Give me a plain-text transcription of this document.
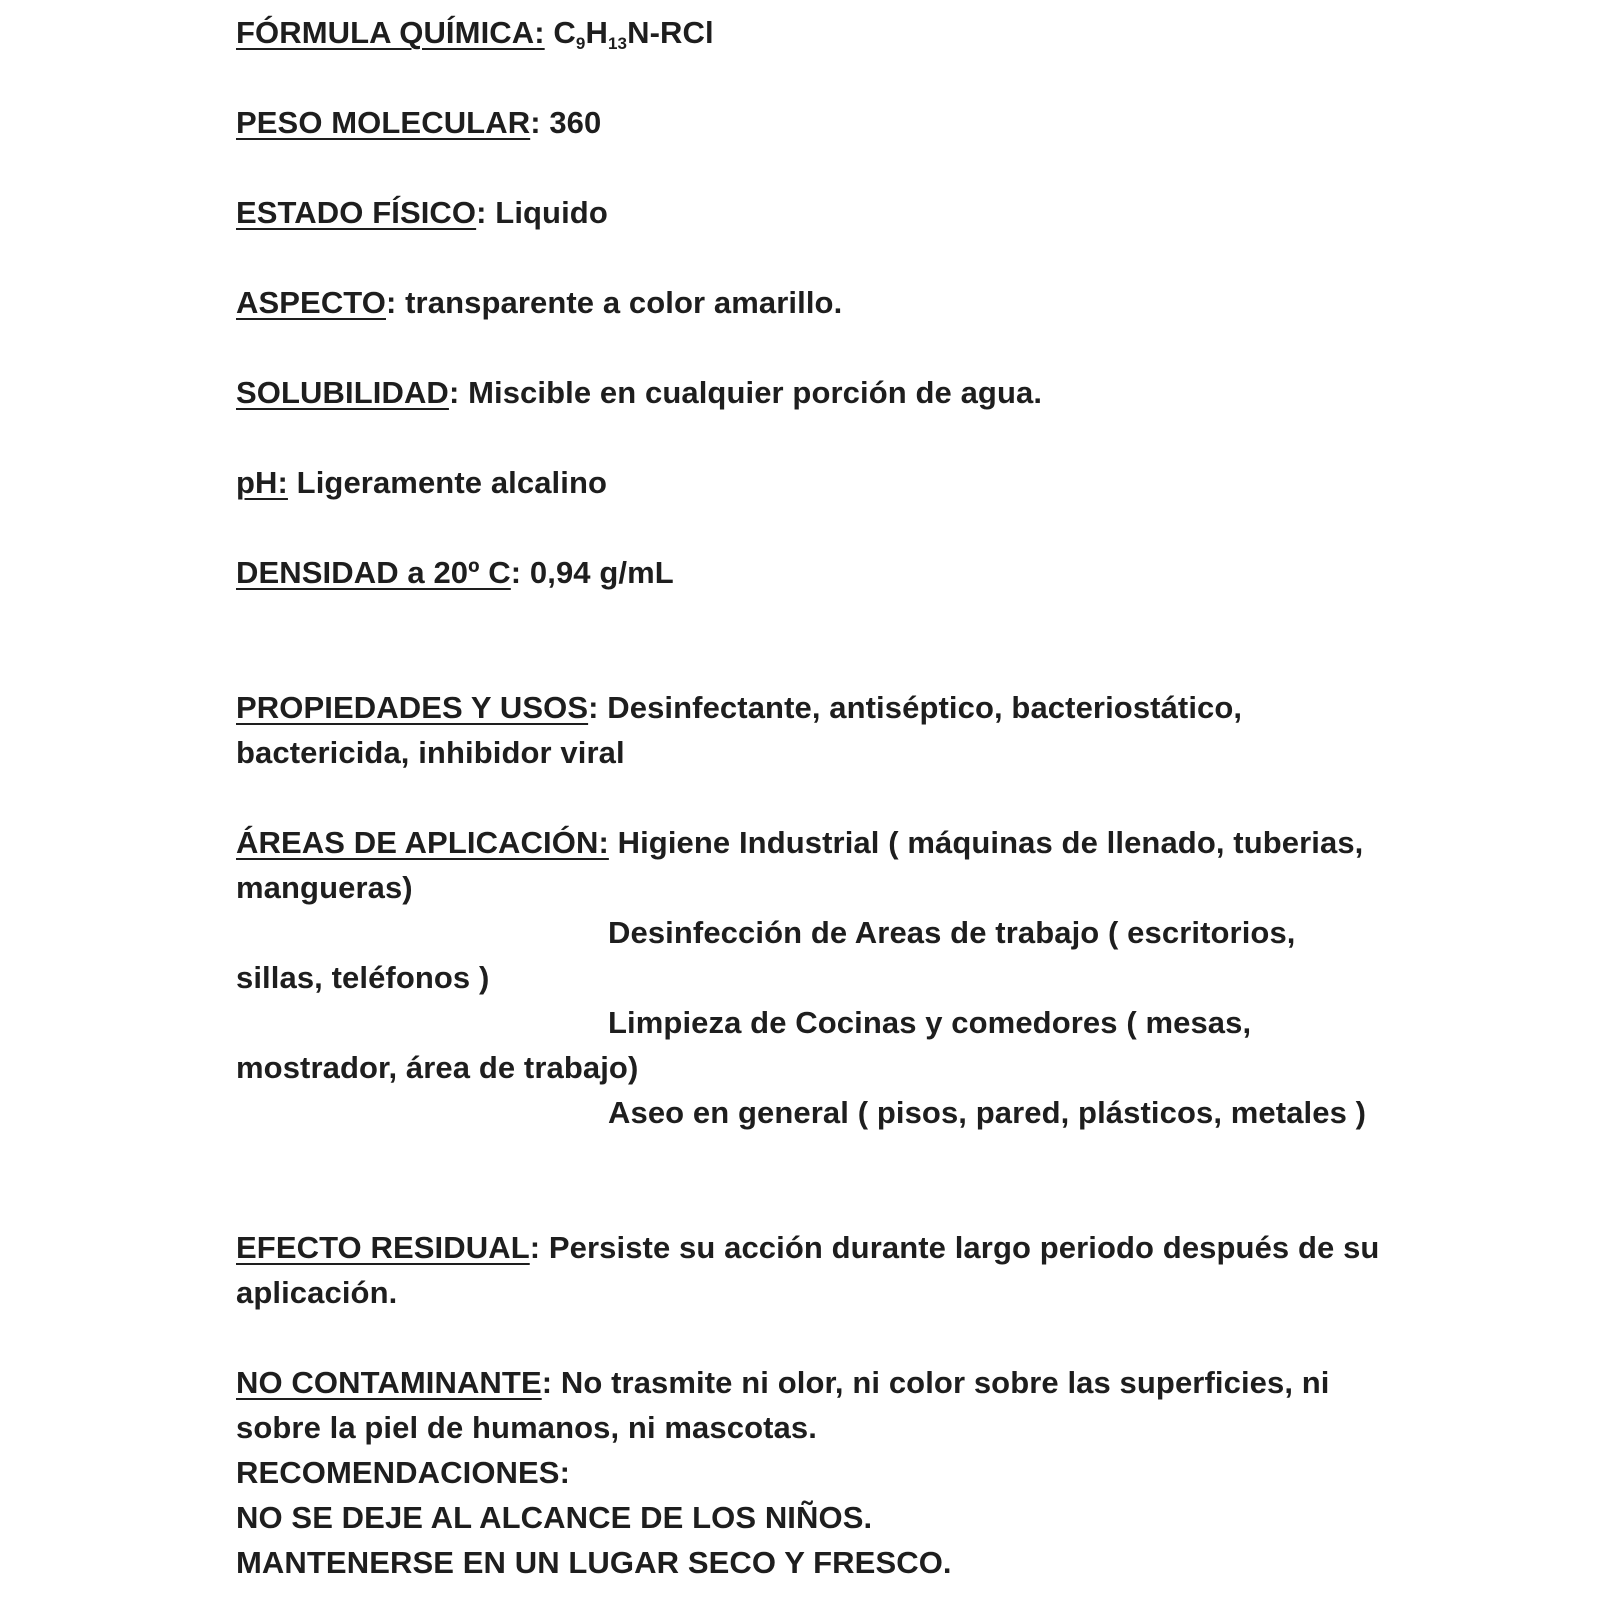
FÓRMULA QUÍMICA: $C_9H_{13}N$-RCl
PESO MOLECULAR: 360
ESTADO FÍSICO: Liquido
ASPECTO: transparente a color amarillo.
SOLUBILIDAD: Miscible en cualquier porción de agua.
pH: Ligeramente alcalino
DENSIDAD a 20º C: 0,94 g/mL
PROPIEDADES Y USOS: Desinfectante, antiséptico, bacteriostático,
bactericida, inhibidor viral
ÁREAS DE APLICACIÓN: Higiene Industrial ( máquinas de llenado, tuberias,
mangueras)
Desinfección de Areas de trabajo ( escritorios,
sillas, teléfonos )
Limpieza de Cocinas y comedores ( mesas,
mostrador, área de trabajo)
Aseo en general ( pisos, pared, plásticos, metales )
EFECTO RESIDUAL: Persiste su acción durante largo periodo después de su
aplicación.
NO CONTAMINANTE: No trasmite ni olor, ni color sobre las superficies, ni
sobre la piel de humanos, ni mascotas.
RECOMENDACIONES:
NO SE DEJE AL ALCANCE DE LOS NIÑOS.
MANTENERSE EN UN LUGAR SECO Y FRESCO.
